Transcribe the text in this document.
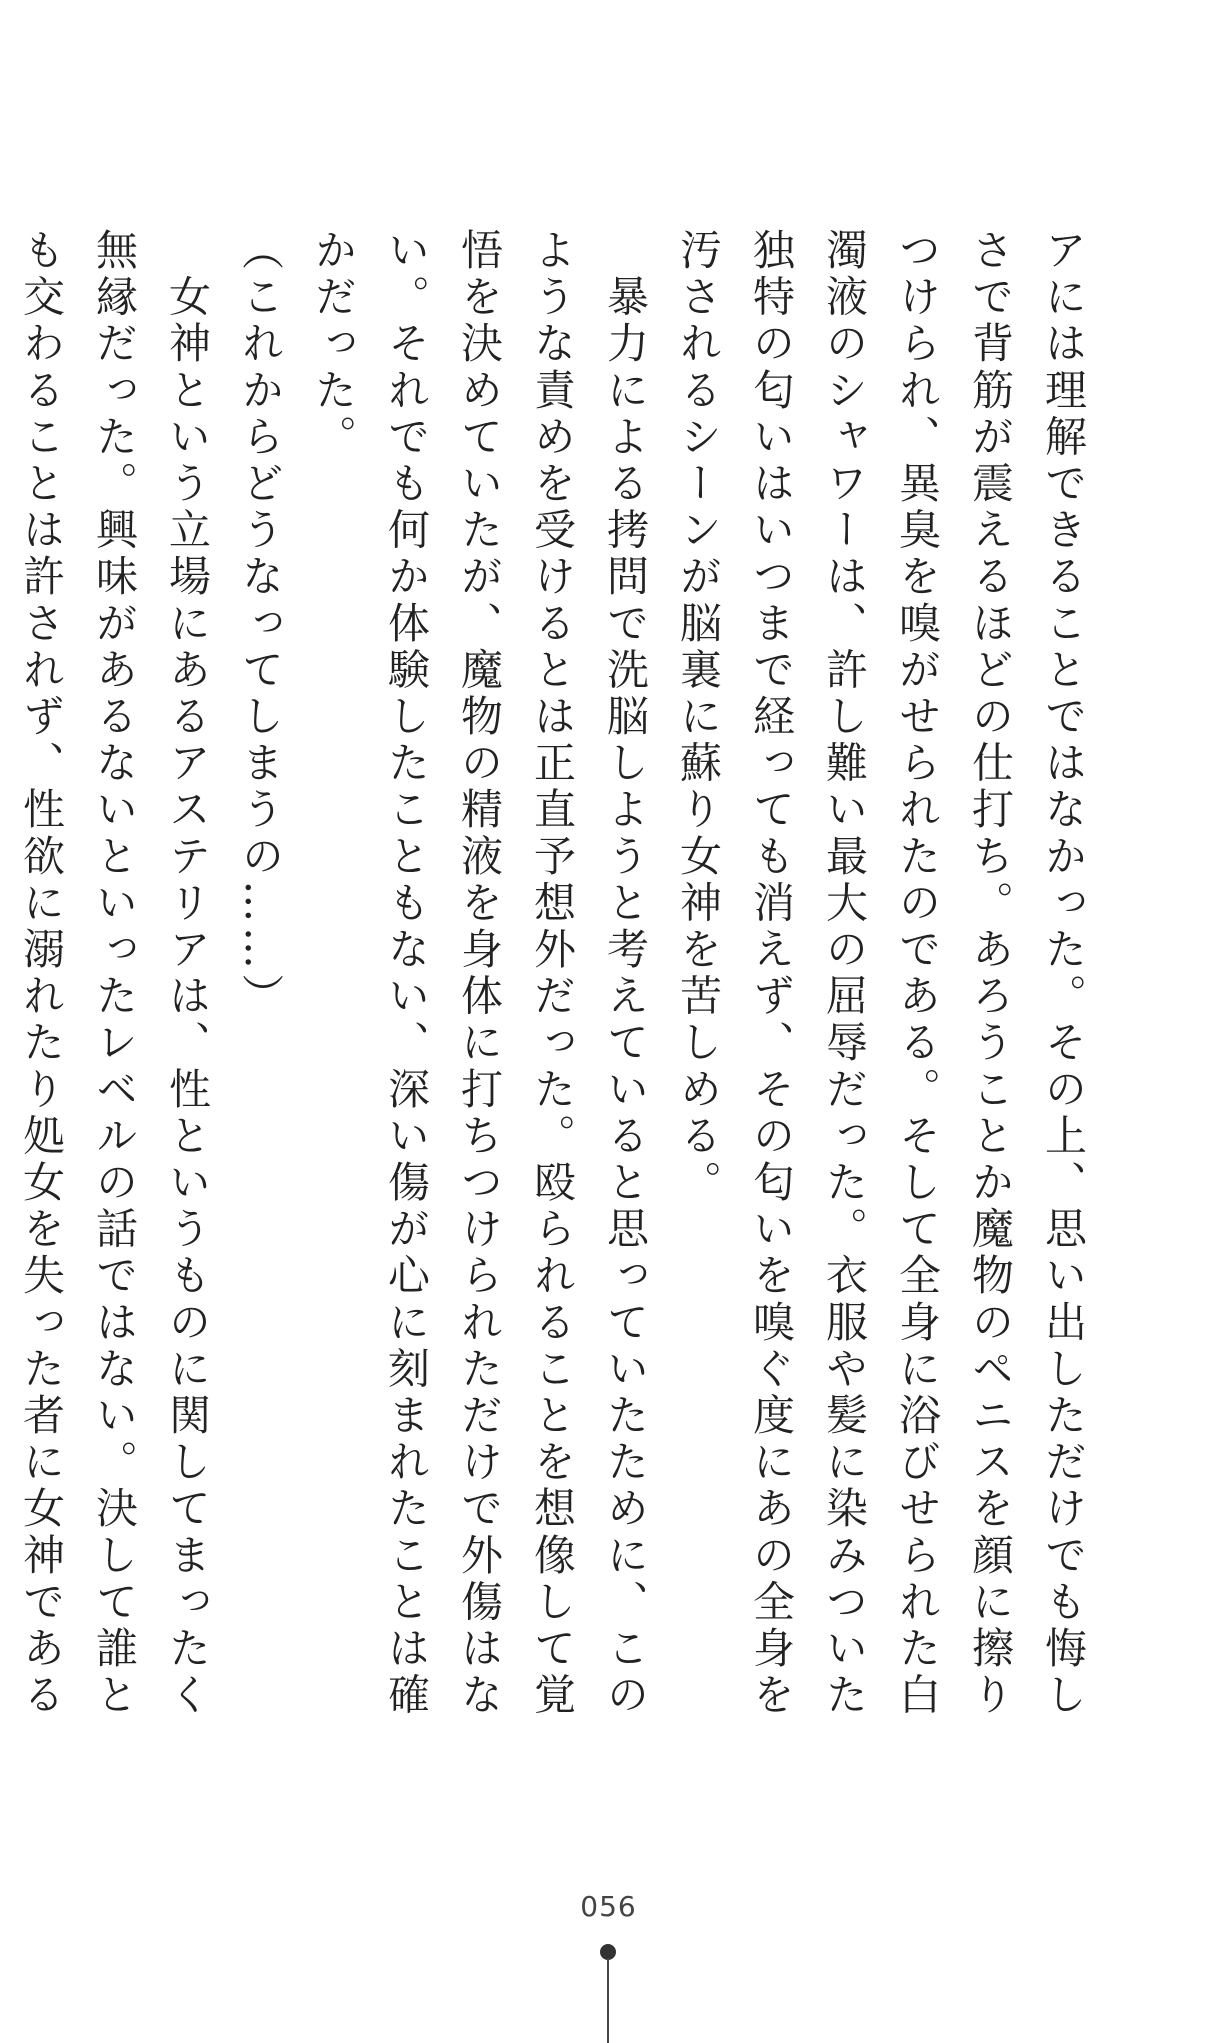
アには理解できることではなかった。その上、思い出しただけでも悔しさで背筋が震えるほどの仕打ち。あろうことか魔物のペニスを顔に擦りつけられ、異臭を嗅がせられたのである。そして全身に浴びせられた白濁液のシャワーは、許し難い最大の屈辱だった。衣服や髪に染みついた独特の匂いはいつまで経っても消えず、その匂いを嗅ぐ度にあの全身を汚されるシーンが脳裏に蘇り女神を苦しめる。

　暴力による拷問で洗脳しようと考えていると思っていたために、このような責めを受けるとは正直予想外だった。殴られることを想像して覚悟を決めていたが、魔物の精液を身体に打ちつけられただけで外傷はない。それでも何か体験したこともない、深い傷が心に刻まれたことは確かだった。

（これからどうなってしまうの……）

　女神という立場にあるアステリアは、性というものに関してまったく無縁だった。興味があるないといったレベルの話ではない。決して誰とも交わることは許されず、性欲に溺れたり処女を失った者に女神である

056
